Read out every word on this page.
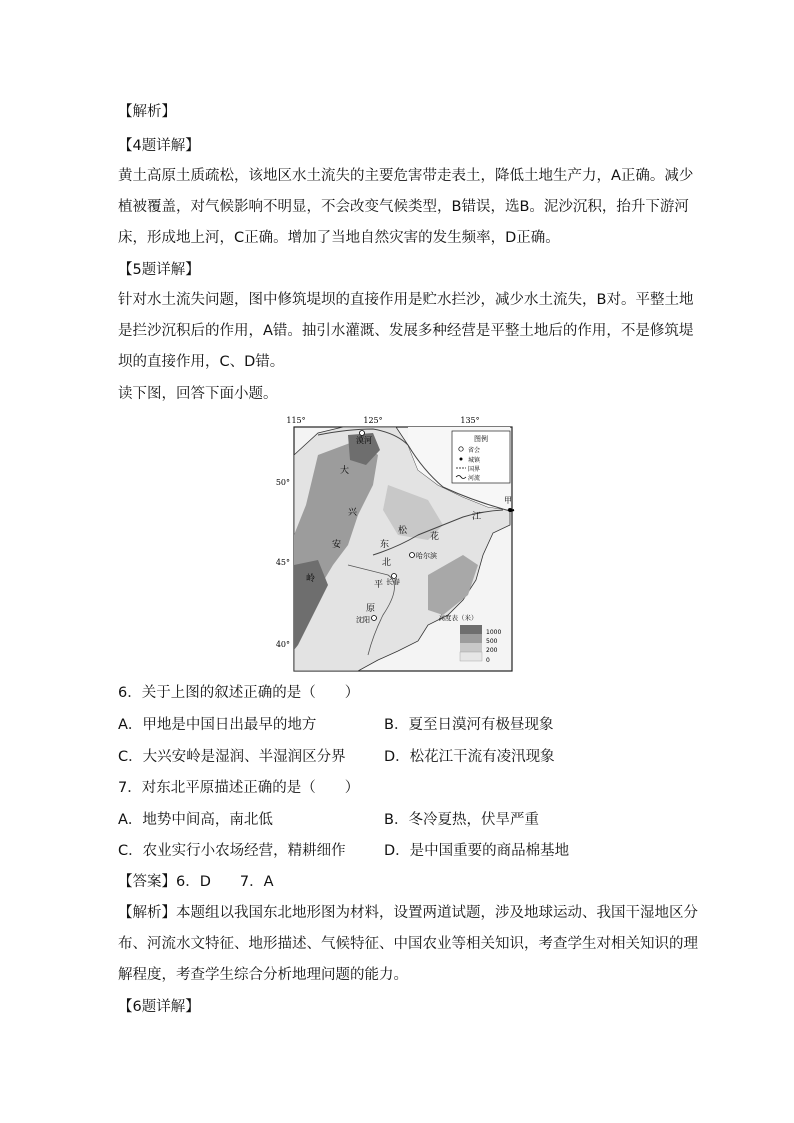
【解析】
【4题详解】
黄土高原土质疏松，该地区水土流失的主要危害带走表土，降低土地生产力，A正确。减少
植被覆盖，对气候影响不明显，不会改变气候类型，B错误，选B。泥沙沉积，抬升下游河
床，形成地上河，C正确。增加了当地自然灾害的发生频率，D正确。
【5题详解】
针对水土流失问题，图中修筑堤坝的直接作用是贮水拦沙，减少水土流失，B对。平整土地
是拦沙沉积后的作用，A错。抽引水灌溉、发展多种经营是平整土地后的作用，不是修筑堤
坝的直接作用，C、D错。
读下图，回答下面小题。
115°	125°	135°
50°
45°
40°
漠河
甲
哈尔滨
长春
沈阳
大
兴
安
岭
松
花
江
东
北
平
原
图例
省会
城镇
国界
河流
高度表（米）
1000
500
200
0
6．关于上图的叙述正确的是（　　）
A．甲地是中国日出最早的地方	B．夏至日漠河有极昼现象
C．大兴安岭是湿润、半湿润区分界	D．松花江干流有凌汛现象
7．对东北平原描述正确的是（　　）
A．地势中间高，南北低	B．冬冷夏热，伏旱严重
C．农业实行小农场经营，精耕细作	D．是中国重要的商品棉基地
【答案】6．D　　7．A
【解析】本题组以我国东北地形图为材料，设置两道试题，涉及地球运动、我国干湿地区分
布、河流水文特征、地形描述、气候特征、中国农业等相关知识，考查学生对相关知识的理
解程度，考查学生综合分析地理问题的能力。
【6题详解】
